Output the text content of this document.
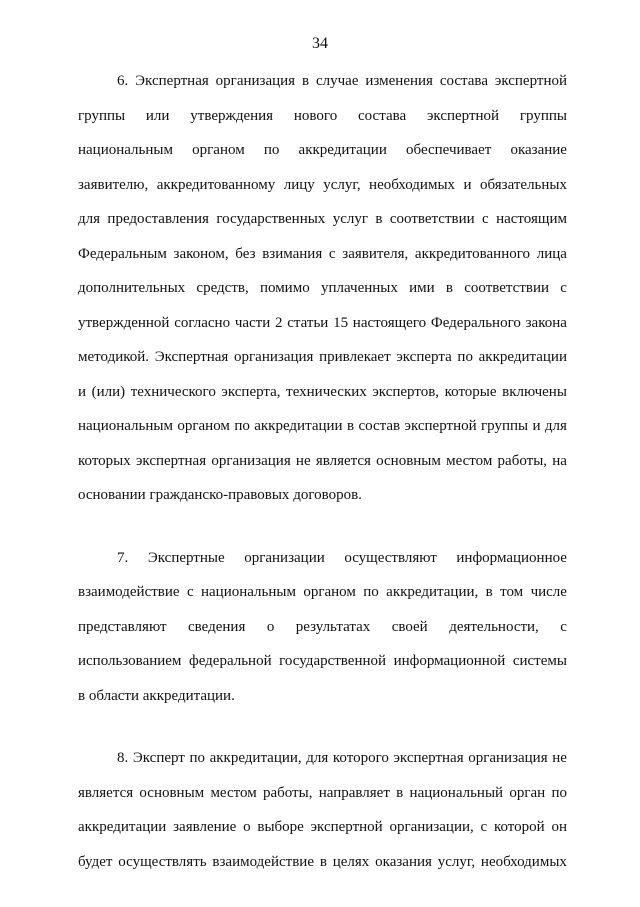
34
6. Экспертная организация в случае изменения состава экспертной
группы или утверждения нового состава экспертной группы
национальным органом по аккредитации обеспечивает оказание
заявителю, аккредитованному лицу услуг, необходимых и обязательных
для предоставления государственных услуг в соответствии с настоящим
Федеральным законом, без взимания с заявителя, аккредитованного лица
дополнительных средств, помимо уплаченных ими в соответствии с
утвержденной согласно части 2 статьи 15 настоящего Федерального закона
методикой. Экспертная организация привлекает эксперта по аккредитации
и (или) технического эксперта, технических экспертов, которые включены
национальным органом по аккредитации в состав экспертной группы и для
которых экспертная организация не является основным местом работы, на
основании гражданско-правовых договоров.
7. Экспертные организации осуществляют информационное
взаимодействие с национальным органом по аккредитации, в том числе
представляют сведения о результатах своей деятельности, с
использованием федеральной государственной информационной системы
в области аккредитации.
8. Эксперт по аккредитации, для которого экспертная организация не
является основным местом работы, направляет в национальный орган по
аккредитации заявление о выборе экспертной организации, с которой он
будет осуществлять взаимодействие в целях оказания услуг, необходимых
